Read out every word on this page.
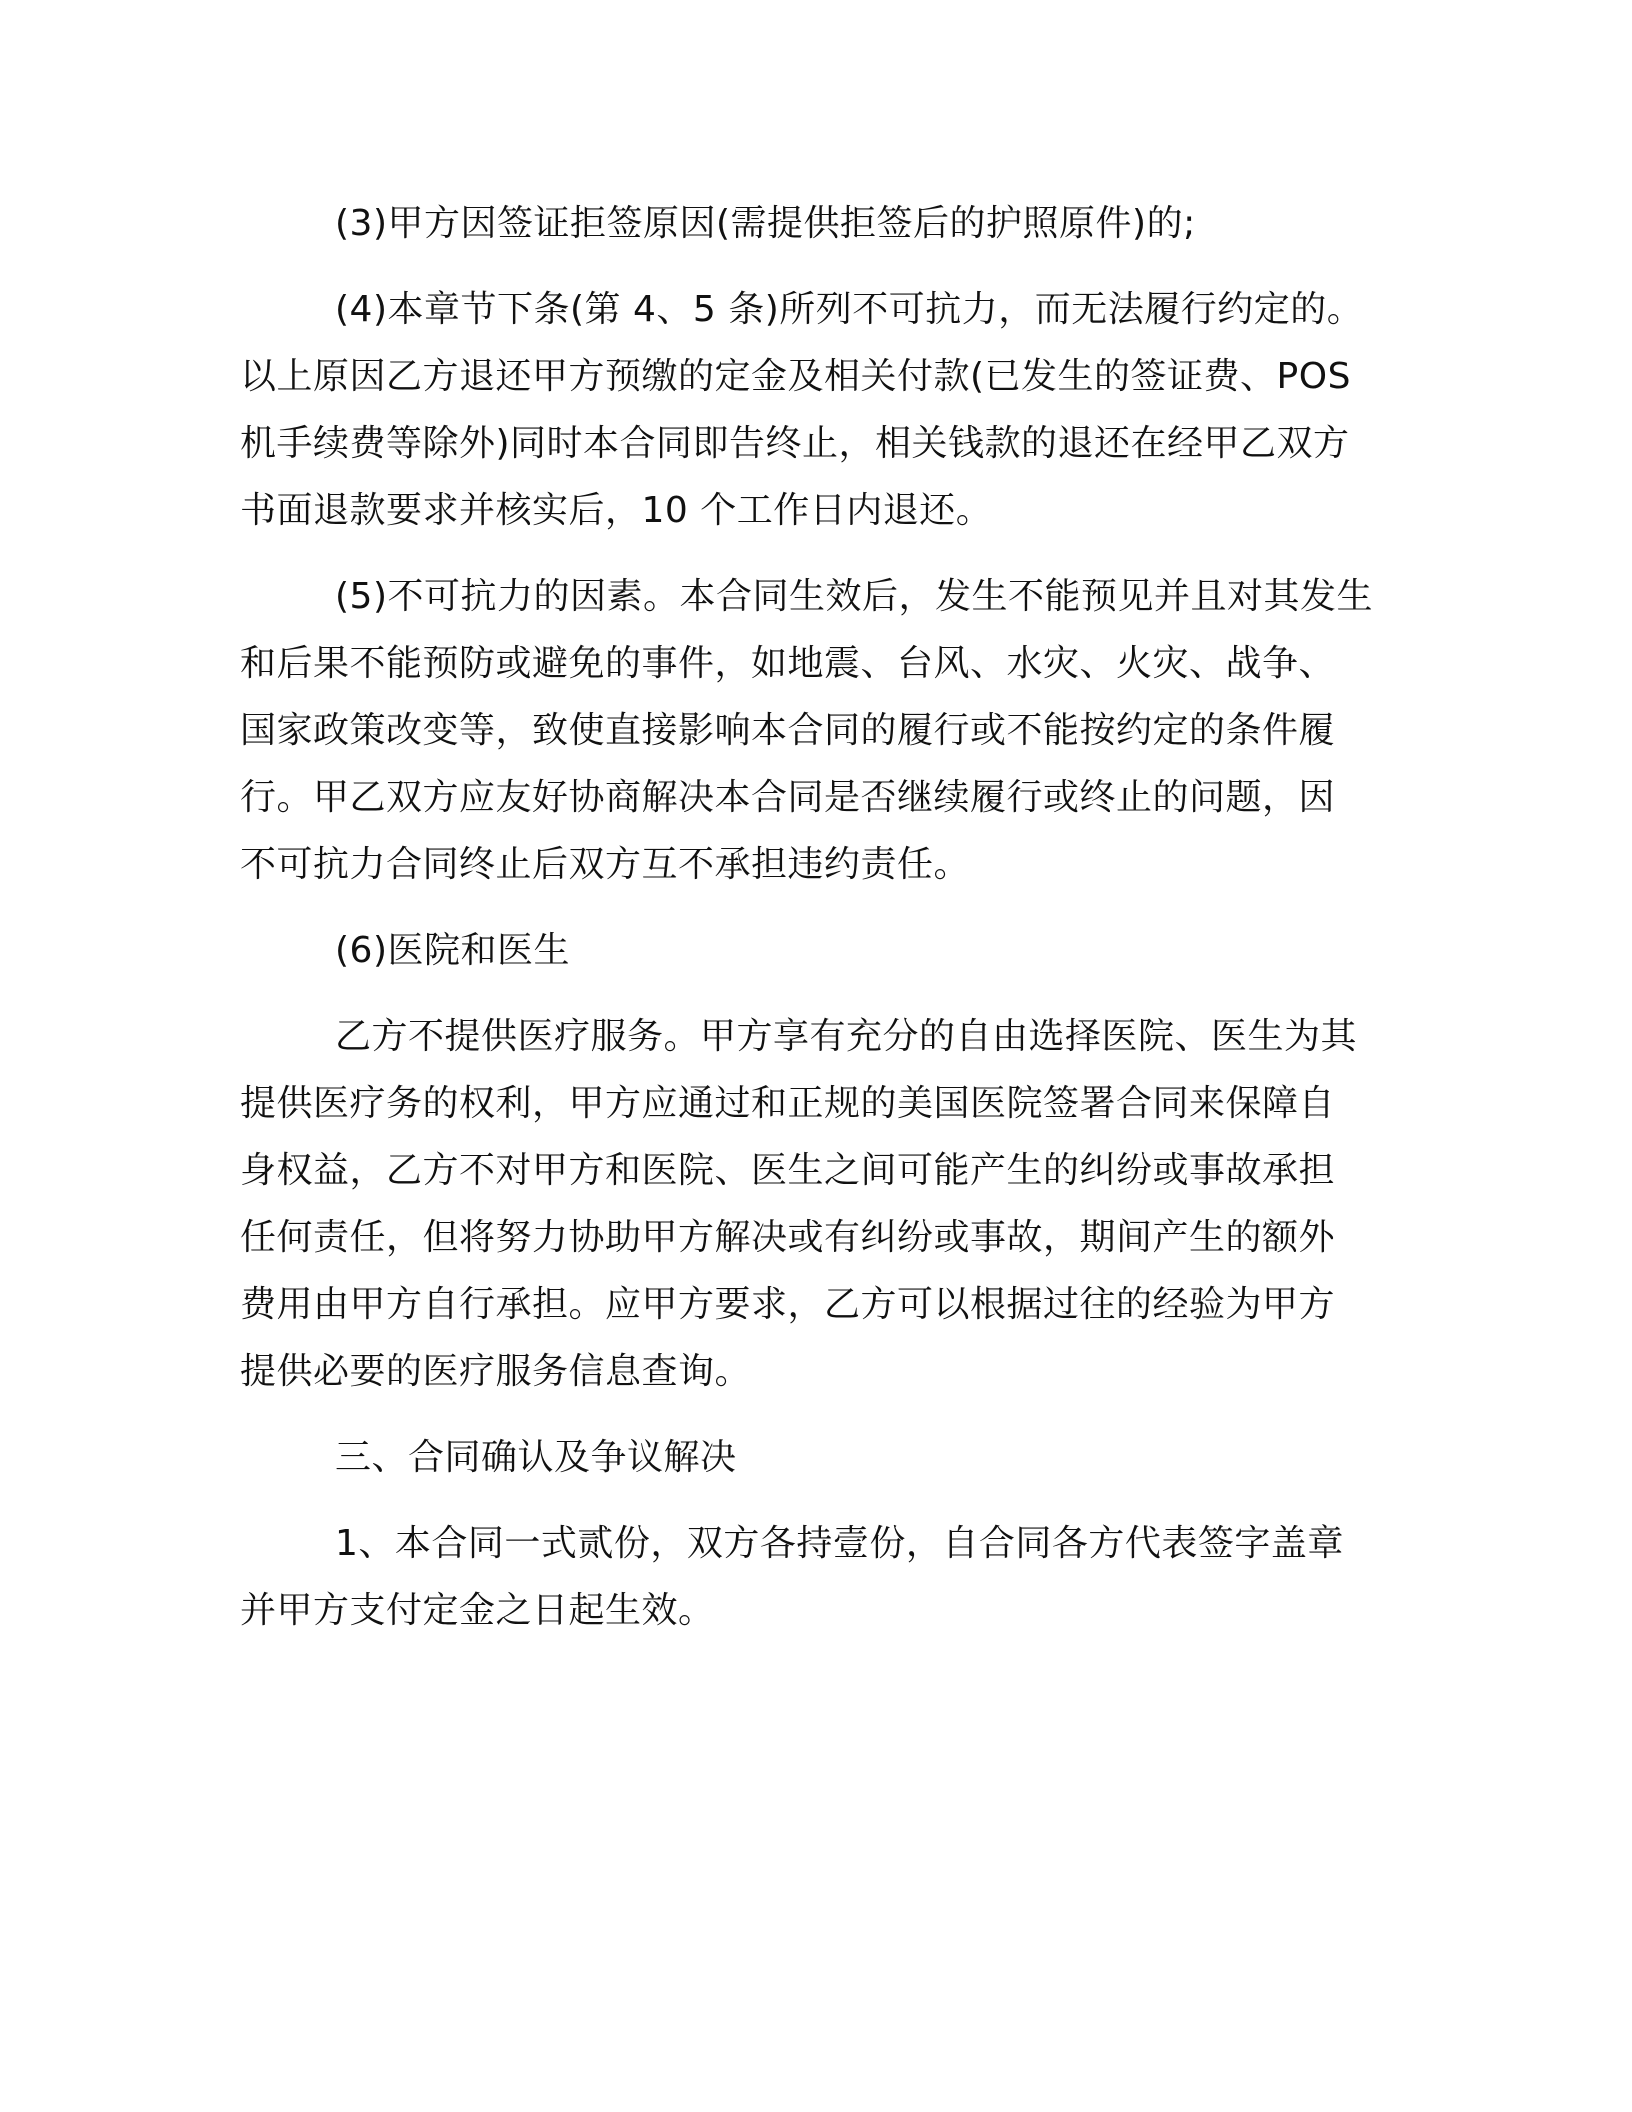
(3)甲方因签证拒签原因(需提供拒签后的护照原件)的;
(4)本章节下条(第 4、5 条)所列不可抗力，而无法履行约定的。
以上原因乙方退还甲方预缴的定金及相关付款(已发生的签证费、POS
机手续费等除外)同时本合同即告终止，相关钱款的退还在经甲乙双方
书面退款要求并核实后，10 个工作日内退还。
(5)不可抗力的因素。本合同生效后，发生不能预见并且对其发生
和后果不能预防或避免的事件，如地震、台风、水灾、火灾、战争、
国家政策改变等，致使直接影响本合同的履行或不能按约定的条件履
行。甲乙双方应友好协商解决本合同是否继续履行或终止的问题，因
不可抗力合同终止后双方互不承担违约责任。
(6)医院和医生
乙方不提供医疗服务。甲方享有充分的自由选择医院、医生为其
提供医疗务的权利，甲方应通过和正规的美国医院签署合同来保障自
身权益，乙方不对甲方和医院、医生之间可能产生的纠纷或事故承担
任何责任，但将努力协助甲方解决或有纠纷或事故，期间产生的额外
费用由甲方自行承担。应甲方要求，乙方可以根据过往的经验为甲方
提供必要的医疗服务信息查询。
三、合同确认及争议解决
1、本合同一式贰份，双方各持壹份，自合同各方代表签字盖章
并甲方支付定金之日起生效。
